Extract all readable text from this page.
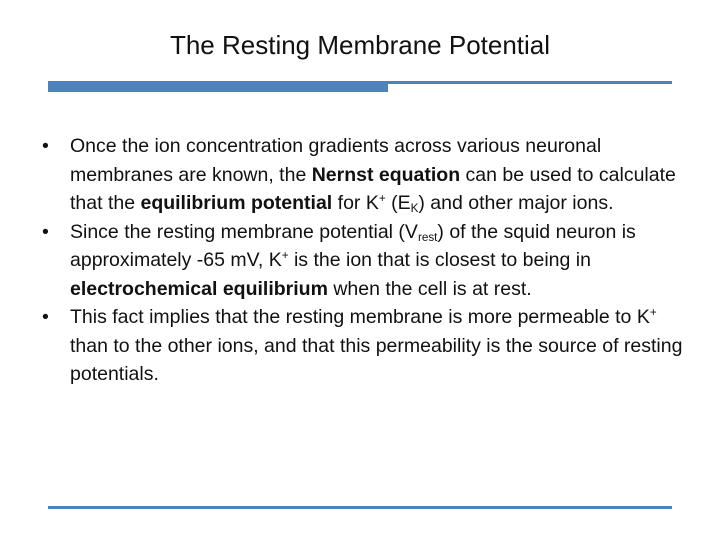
The Resting Membrane Potential
• Once the ion concentration gradients across various neuronal membranes are known, the Nernst equation can be used to calculate that the equilibrium potential for K+ $(E_K)$ and other major ions.
• Since the resting membrane potential $(V_{rest})$ of the squid neuron is approximately -65 mV, K+ is the ion that is closest to being in electrochemical equilibrium when the cell is at rest.
• This fact implies that the resting membrane is more permeable to K+ than to the other ions, and that this permeability is the source of resting potentials.
